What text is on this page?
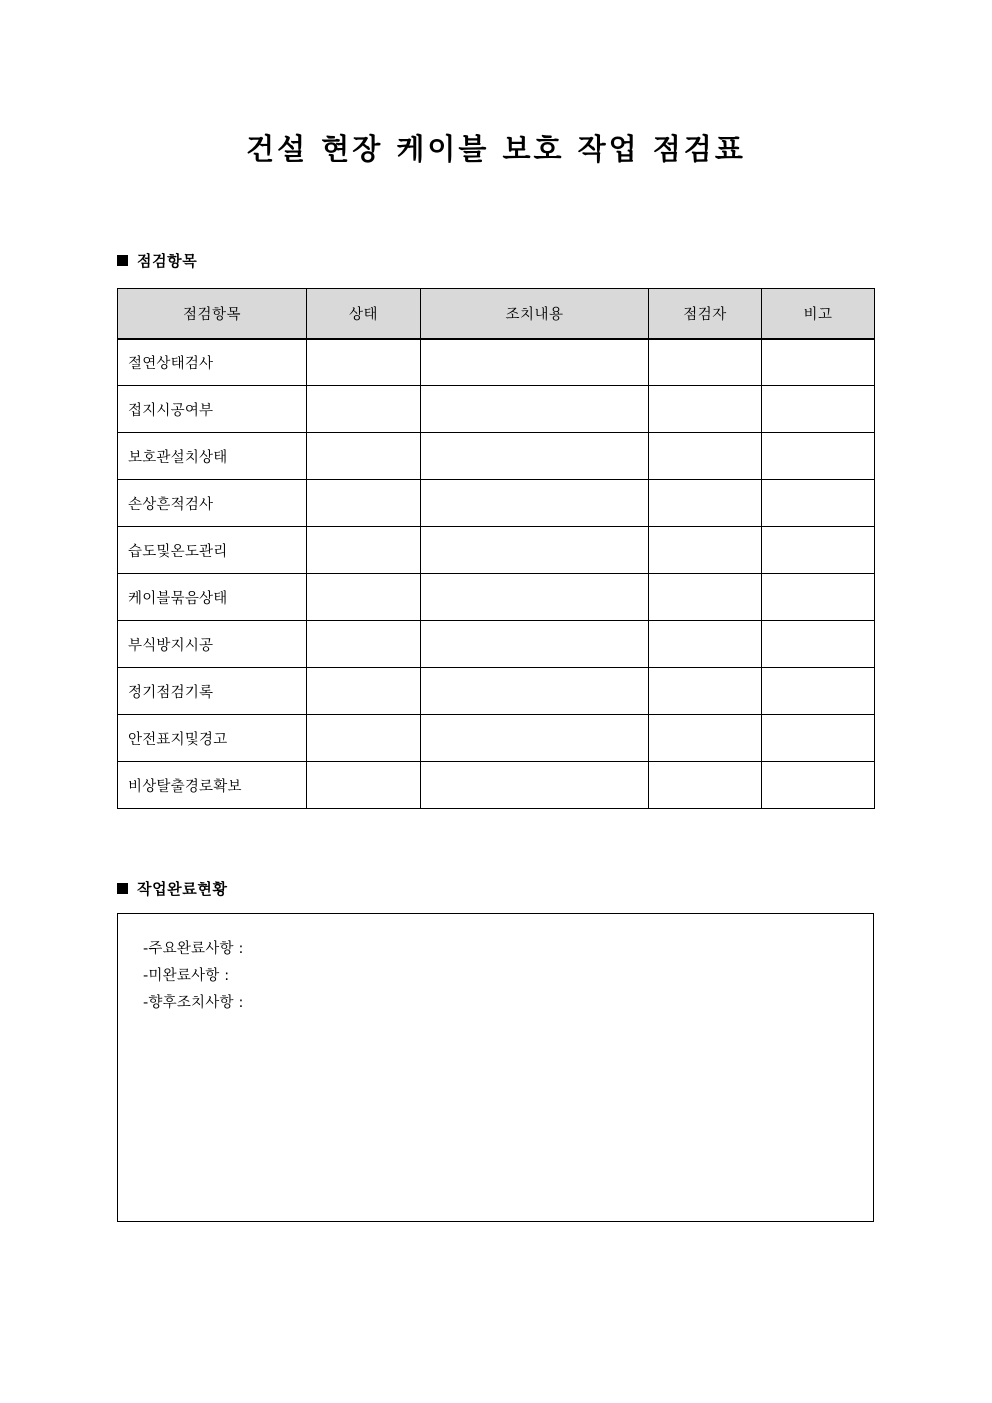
건설 현장 케이블 보호 작업 점검표
점검항목
점검항목	상태	조치내용	점검자	비고
절연상태검사				
접지시공여부				
보호관설치상태				
손상흔적검사				
습도및온도관리				
케이블묶음상태				
부식방지시공				
정기점검기록				
안전표지및경고				
비상탈출경로확보				
작업완료현황
-주요완료사항 :
-미완료사항 :
-향후조치사항 :
